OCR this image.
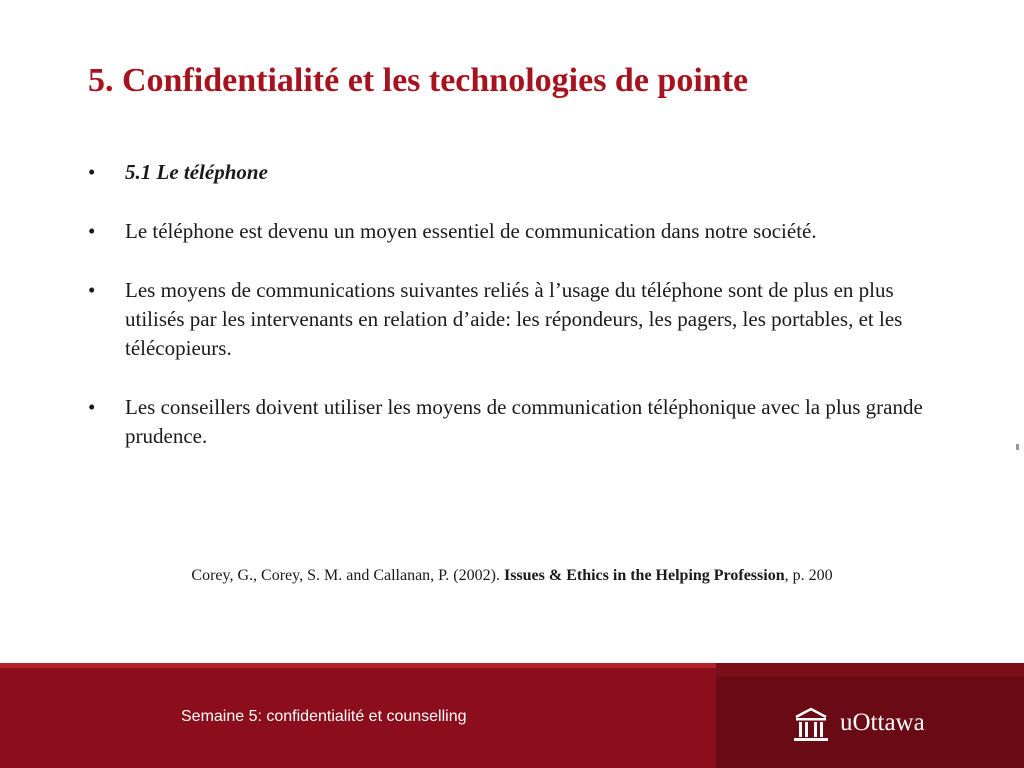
5. Confidentialité et les technologies de pointe
• 5.1 Le téléphone
• Le téléphone est devenu un moyen essentiel de communication dans notre société.
• Les moyens de communications suivantes reliés à l’usage du téléphone sont de plus en plus utilisés par les intervenants en relation d’aide: les répondeurs, les pagers, les portables, et les télécopieurs.
• Les conseillers doivent utiliser les moyens de communication téléphonique avec la plus grande prudence.
Corey, G., Corey, S. M. and Callanan, P. (2002). Issues & Ethics in the Helping Profession, p. 200
Semaine 5: confidentialité et counselling	uOttawa
